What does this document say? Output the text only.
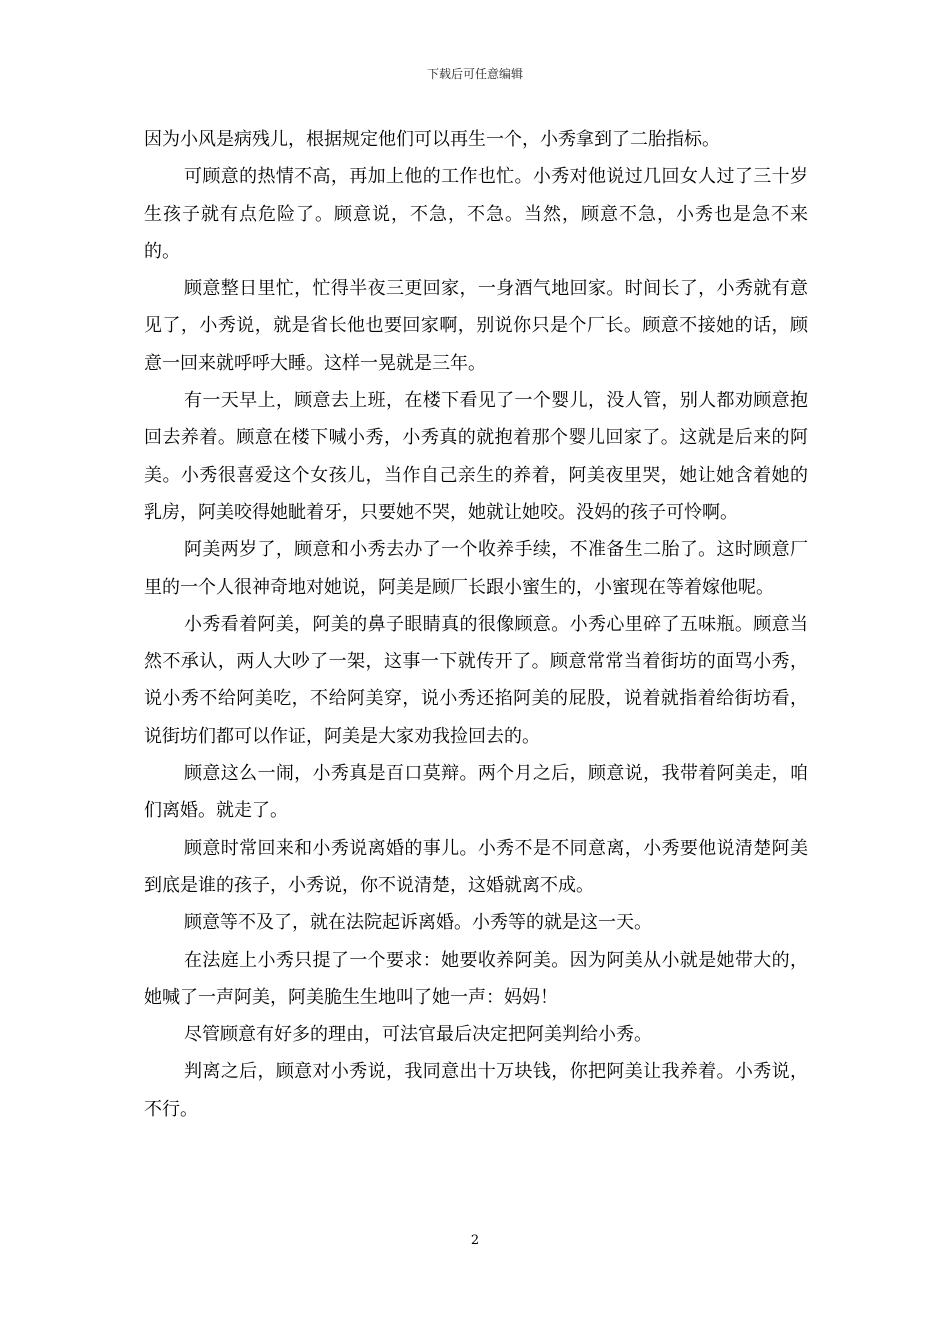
下载后可任意编辑

因为小风是病残儿，根据规定他们可以再生一个，小秀拿到了二胎指标。

可顾意的热情不高，再加上他的工作也忙。小秀对他说过几回女人过了三十岁生孩子就有点危险了。顾意说，不急，不急。当然，顾意不急，小秀也是急不来的。

顾意整日里忙，忙得半夜三更回家，一身酒气地回家。时间长了，小秀就有意见了，小秀说，就是省长他也要回家啊，别说你只是个厂长。顾意不接她的话，顾意一回来就呼呼大睡。这样一晃就是三年。

有一天早上，顾意去上班，在楼下看见了一个婴儿，没人管，别人都劝顾意抱回去养着。顾意在楼下喊小秀，小秀真的就抱着那个婴儿回家了。这就是后来的阿美。小秀很喜爱这个女孩儿，当作自己亲生的养着，阿美夜里哭，她让她含着她的乳房，阿美咬得她眦着牙，只要她不哭，她就让她咬。没妈的孩子可怜啊。

阿美两岁了，顾意和小秀去办了一个收养手续，不准备生二胎了。这时顾意厂里的一个人很神奇地对她说，阿美是顾厂长跟小蜜生的，小蜜现在等着嫁他呢。

小秀看着阿美，阿美的鼻子眼睛真的很像顾意。小秀心里碎了五味瓶。顾意当然不承认，两人大吵了一架，这事一下就传开了。顾意常常当着街坊的面骂小秀，说小秀不给阿美吃，不给阿美穿，说小秀还掐阿美的屁股，说着就指着给街坊看，说街坊们都可以作证，阿美是大家劝我捡回去的。

顾意这么一闹，小秀真是百口莫辩。两个月之后，顾意说，我带着阿美走，咱们离婚。就走了。

顾意时常回来和小秀说离婚的事儿。小秀不是不同意离，小秀要他说清楚阿美到底是谁的孩子，小秀说，你不说清楚，这婚就离不成。

顾意等不及了，就在法院起诉离婚。小秀等的就是这一天。

在法庭上小秀只提了一个要求：她要收养阿美。因为阿美从小就是她带大的，她喊了一声阿美，阿美脆生生地叫了她一声：妈妈！

尽管顾意有好多的理由，可法官最后决定把阿美判给小秀。

判离之后，顾意对小秀说，我同意出十万块钱，你把阿美让我养着。小秀说，不行。

2
